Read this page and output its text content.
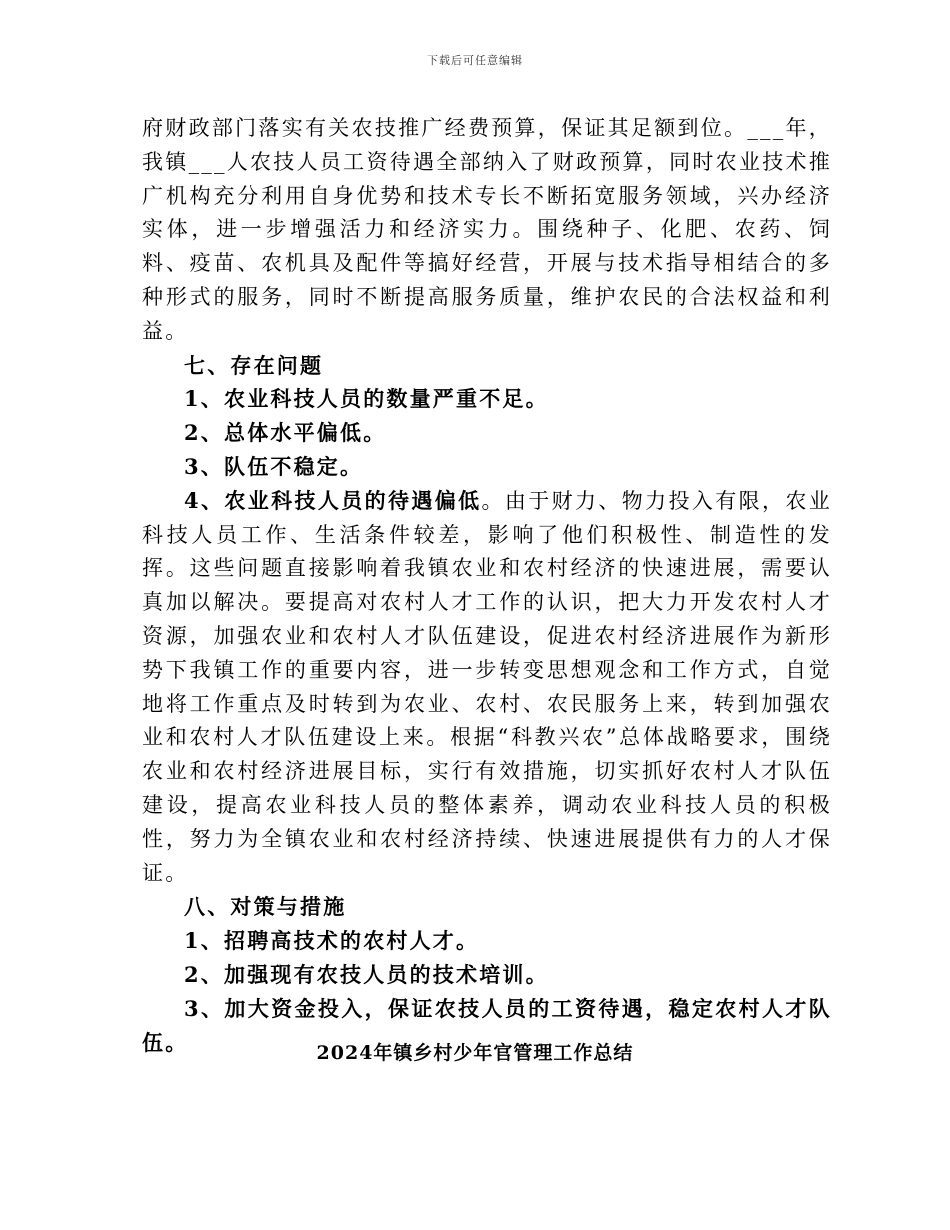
下载后可任意编辑

府财政部门落实有关农技推广经费预算，保证其足额到位。___年，我镇___人农技人员工资待遇全部纳入了财政预算，同时农业技术推广机构充分利用自身优势和技术专长不断拓宽服务领域，兴办经济实体，进一步增强活力和经济实力。围绕种子、化肥、农药、饲料、疫苗、农机具及配件等搞好经营，开展与技术指导相结合的多种形式的服务，同时不断提高服务质量，维护农民的合法权益和利益。

七、存在问题

1、农业科技人员的数量严重不足。

2、总体水平偏低。

3、队伍不稳定。

4、农业科技人员的待遇偏低。由于财力、物力投入有限，农业科技人员工作、生活条件较差，影响了他们积极性、制造性的发挥。这些问题直接影响着我镇农业和农村经济的快速进展，需要认真加以解决。要提高对农村人才工作的认识，把大力开发农村人才资源，加强农业和农村人才队伍建设，促进农村经济进展作为新形势下我镇工作的重要内容，进一步转变思想观念和工作方式，自觉地将工作重点及时转到为农业、农村、农民服务上来，转到加强农业和农村人才队伍建设上来。根据“科教兴农”总体战略要求，围绕农业和农村经济进展目标，实行有效措施，切实抓好农村人才队伍建设，提高农业科技人员的整体素养，调动农业科技人员的积极性，努力为全镇农业和农村经济持续、快速进展提供有力的人才保证。

八、对策与措施

1、招聘高技术的农村人才。

2、加强现有农技人员的技术培训。

3、加大资金投入，保证农技人员的工资待遇，稳定农村人才队伍。	2024年镇乡村少年官管理工作总结
